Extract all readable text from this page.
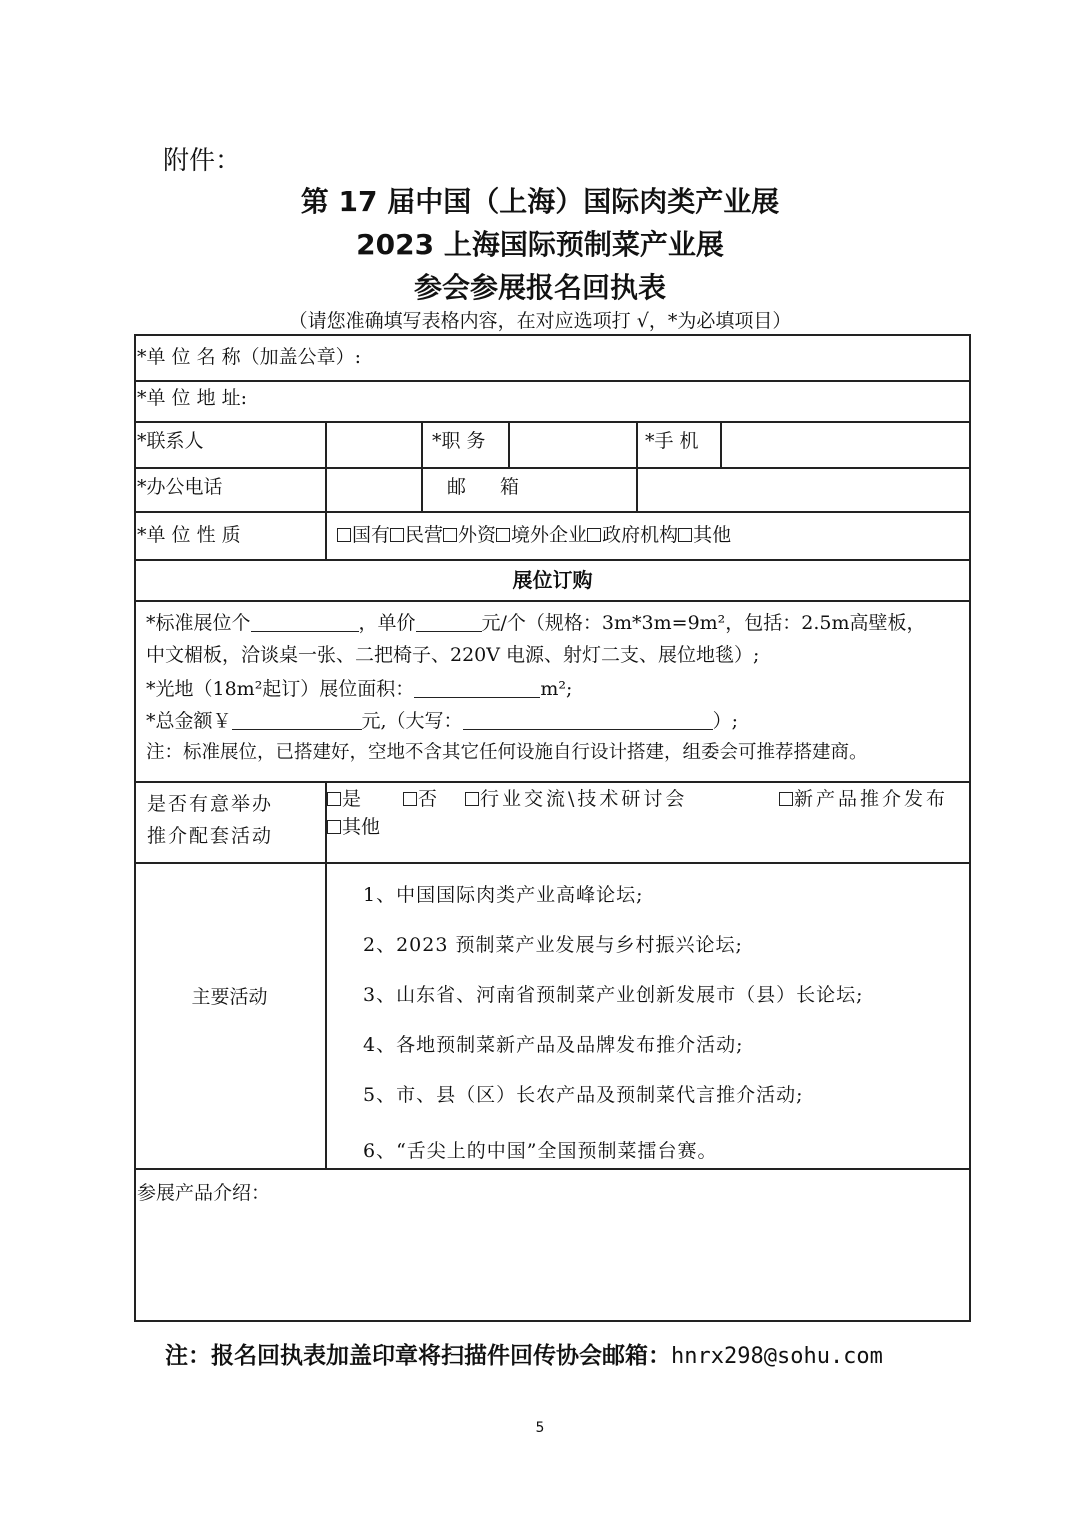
附件：
第 17 届中国（上海）国际肉类产业展
2023 上海国际预制菜产业展
参会参展报名回执表
（请您准确填写表格内容，在对应选项打 √，*为必填项目）
*单 位 名 称（加盖公章）:
*单 位 地 址:
*联系人	*职 务	*手 机
*办公电话	邮 箱
*单 位 性 质	国有 民营 外资 境外企业 政府机构 其他
展位订购
*标准展位个	，单价	元/个（规格：3m*3m=9m²，包括：2.5m高壁板，
中文楣板，洽谈桌一张、二把椅子、220V 电源、射灯二支、展位地毯）;
*光地（18m²起订）展位面积：	m²;
*总金额￥	元,（大写：	）;
注：标准展位，已搭建好，空地不含其它任何设施自行设计搭建，组委会可推荐搭建商。
是否有意举办
推介配套活动
是	否	行业交流\技术研讨会	新产品推介发布
其他
主要活动
1、中国国际肉类产业高峰论坛;
2、2023 预制菜产业发展与乡村振兴论坛;
3、山东省、河南省预制菜产业创新发展市（县）长论坛;
4、各地预制菜新产品及品牌发布推介活动;
5、市、县（区）长农产品及预制菜代言推介活动;
6、“舌尖上的中国”全国预制菜擂台赛。
参展产品介绍：
注：报名回执表加盖印章将扫描件回传协会邮箱：hnrx298@sohu.com
5
